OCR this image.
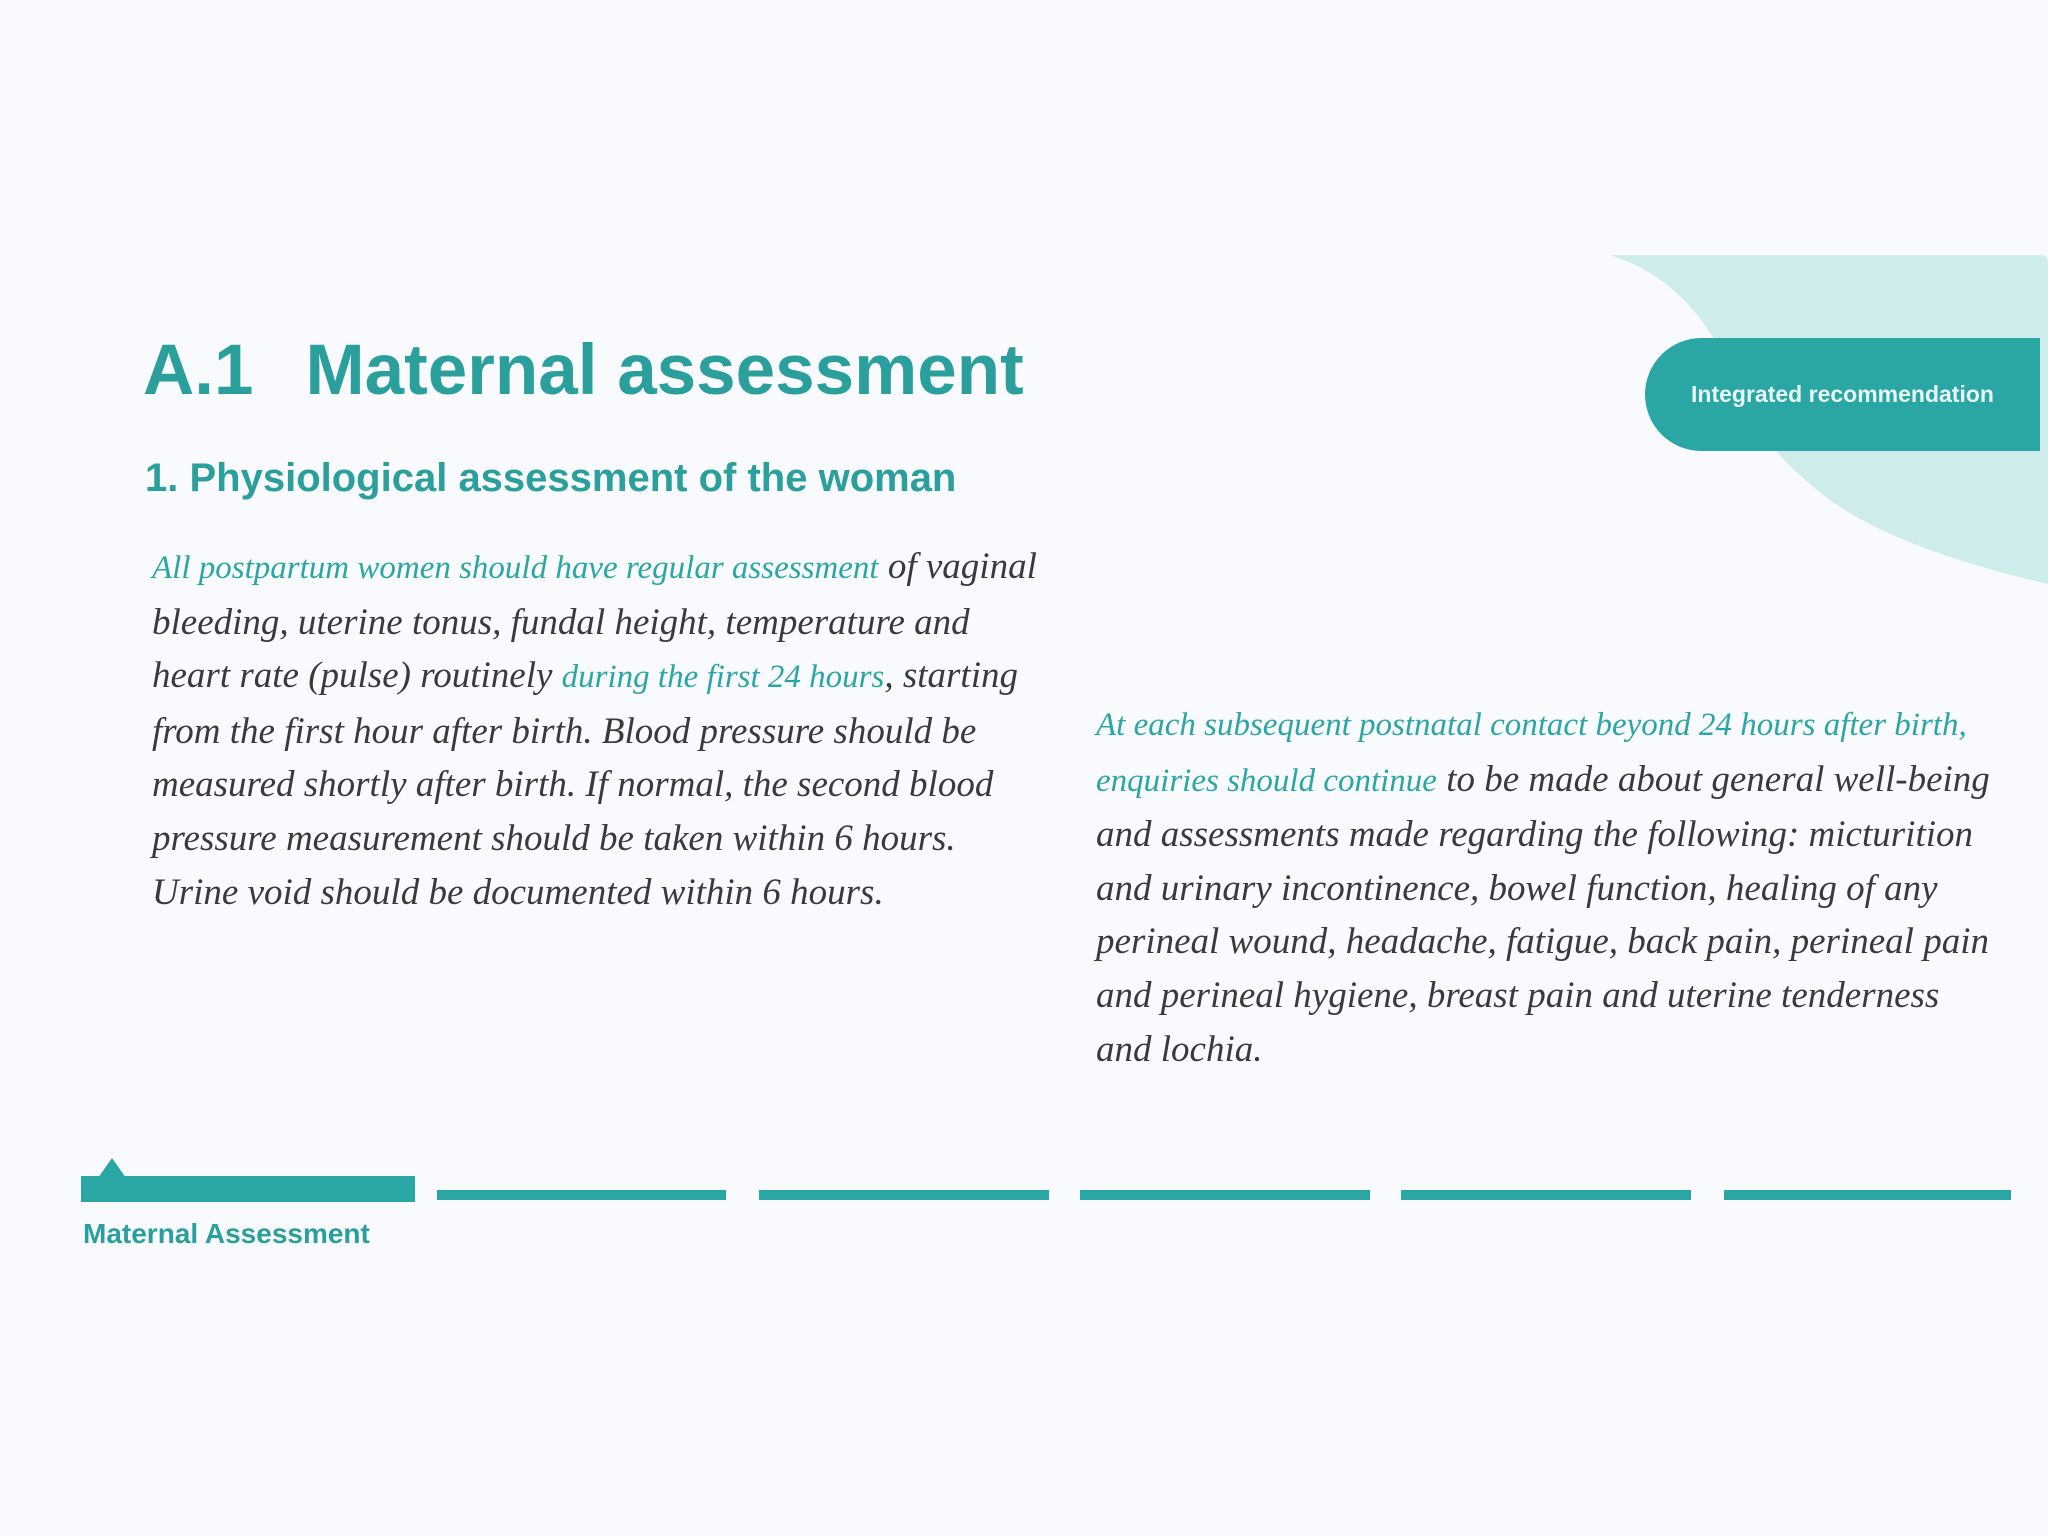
Integrated recommendation
A.1 Maternal assessment
1. Physiological assessment of the woman
All postpartum women should have regular assessment of vaginal bleeding, uterine tonus, fundal height, temperature and heart rate (pulse) routinely during the first 24 hours, starting from the first hour after birth. Blood pressure should be measured shortly after birth. If normal, the second blood pressure measurement should be taken within 6 hours. Urine void should be documented within 6 hours.
At each subsequent postnatal contact beyond 24 hours after birth, enquiries should continue to be made about general well-being and assessments made regarding the following: micturition and urinary incontinence, bowel function, healing of any perineal wound, headache, fatigue, back pain, perineal pain and perineal hygiene, breast pain and uterine tenderness and lochia.
Maternal Assessment
